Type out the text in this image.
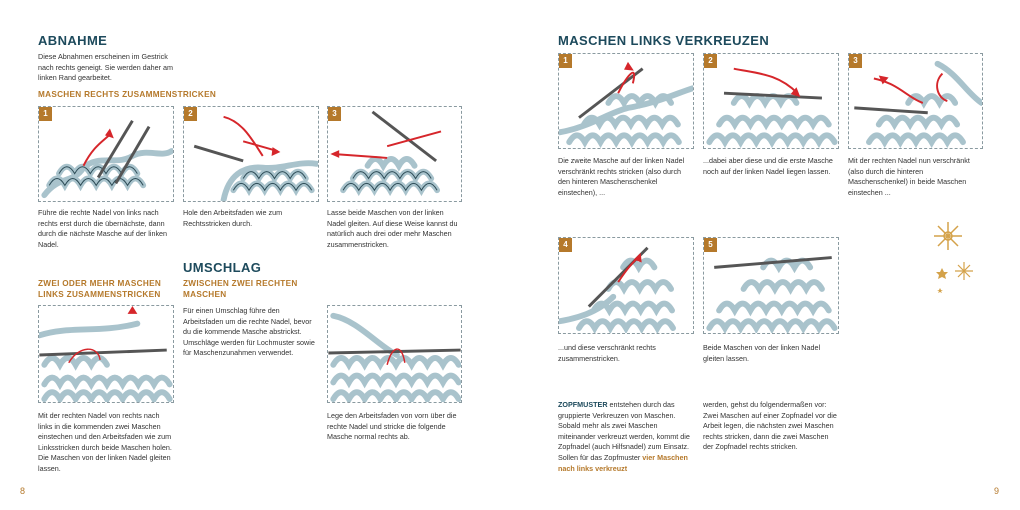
ABNAHME
Diese Abnahmen erscheinen im Gestrick nach rechts geneigt. Sie werden daher am linken Rand gearbeitet.
MASCHEN RECHTS ZUSAMMENSTRICKEN
1
Führe die rechte Nadel von links nach rechts erst durch die übernächste, dann durch die nächste Masche auf der linken Nadel.
2
Hole den Arbeitsfaden wie zum Rechtsstricken durch.
3
Lasse beide Maschen von der linken Nadel gleiten. Auf diese Weise kannst du natürlich auch drei oder mehr Maschen zusammenstricken.
ZWEI ODER MEHR MASCHEN LINKS ZUSAMMENSTRICKEN
Mit der rechten Nadel von rechts nach links in die kommenden zwei Maschen einstechen und den Arbeitsfaden wie zum Linksstricken durch beide Maschen holen. Die Maschen von der linken Nadel gleiten lassen.
UMSCHLAG
ZWISCHEN ZWEI RECHTEN MASCHEN
Für einen Umschlag führe den Arbeitsfaden um die rechte Nadel, bevor du die kommende Masche abstrickst. Umschläge werden für Lochmuster sowie für Maschenzunahmen verwendet.
Lege den Arbeitsfaden von vorn über die rechte Nadel und stricke die folgende Masche normal rechts ab.
8
MASCHEN LINKS VERKREUZEN
1
Die zweite Masche auf der linken Nadel verschränkt rechts stricken (also durch den hinteren Maschenschenkel einstechen), ...
2
...dabei aber diese und die erste Masche noch auf der linken Nadel liegen lassen.
3
Mit der rechten Nadel nun verschränkt (also durch die hinteren Maschenschenkel) in beide Maschen einstechen ...
4
...und diese verschränkt rechts zusammenstricken.
5
Beide Maschen von der linken Nadel gleiten lassen.
ZOPFMUSTER entstehen durch das gruppierte Verkreuzen von Maschen. Sobald mehr als zwei Maschen miteinander verkreuzt werden, kommt die Zopfnadel (auch Hilfsnadel) zum Einsatz. Sollen für das Zopfmuster vier Maschen nach links verkreuzt
werden, gehst du folgendermaßen vor: Zwei Maschen auf einer Zopfnadel vor die Arbeit legen, die nächsten zwei Maschen rechts stricken, dann die zwei Maschen der Zopfnadel rechts stricken.
9
